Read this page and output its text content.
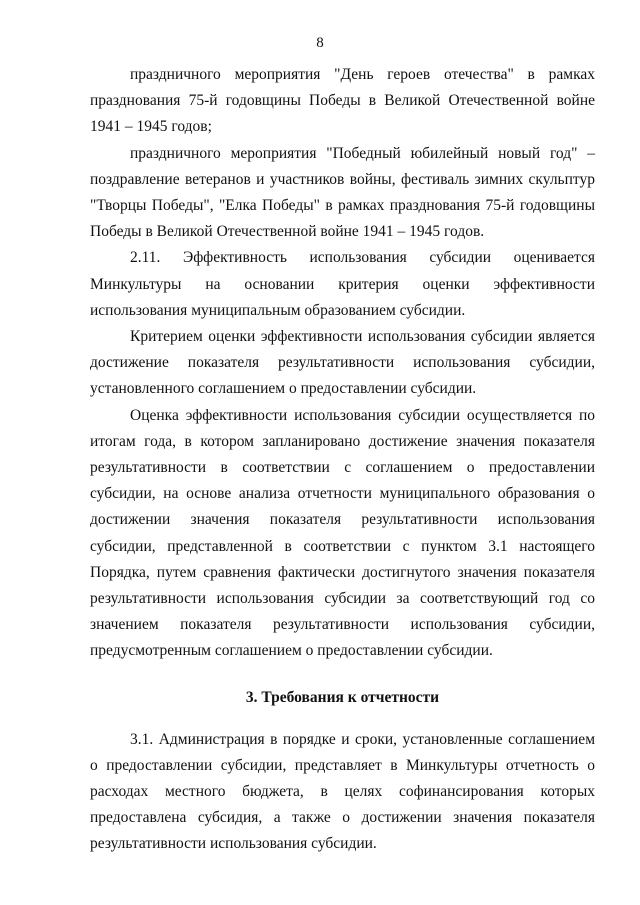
8

праздничного мероприятия "День героев отечества" в рамках празднования 75-й годовщины Победы в Великой Отечественной войне 1941 – 1945 годов;

праздничного мероприятия "Победный юбилейный новый год" – поздравление ветеранов и участников войны, фестиваль зимних скульптур "Творцы Победы", "Елка Победы" в рамках празднования 75-й годовщины Победы в Великой Отечественной войне 1941 – 1945 годов.

2.11. Эффективность использования субсидии оценивается Минкультуры на основании критерия оценки эффективности использования муниципальным образованием субсидии.

Критерием оценки эффективности использования субсидии является достижение показателя результативности использования субсидии, установленного соглашением о предоставлении субсидии.

Оценка эффективности использования субсидии осуществляется по итогам года, в котором запланировано достижение значения показателя результативности в соответствии с соглашением о предоставлении субсидии, на основе анализа отчетности муниципального образования о достижении значения показателя результативности использования субсидии, представленной в соответствии с пунктом 3.1 настоящего Порядка, путем сравнения фактически достигнутого значения показателя результативности использования субсидии за соответствующий год со значением показателя результативности использования субсидии, предусмотренным соглашением о предоставлении субсидии.

3. Требования к отчетности

3.1. Администрация в порядке и сроки, установленные соглашением о предоставлении субсидии, представляет в Минкультуры отчетность о расходах местного бюджета, в целях софинансирования которых предоставлена субсидия, а также о достижении значения показателя результативности использования субсидии.
